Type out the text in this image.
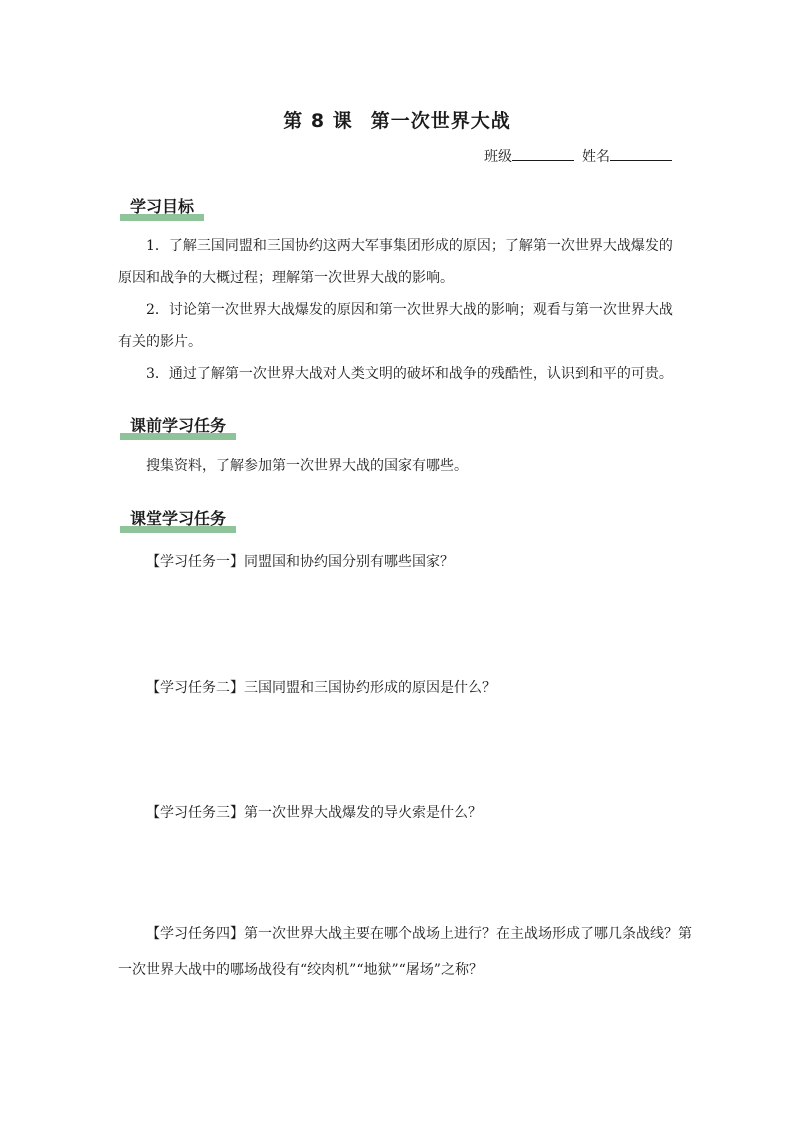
第 8 课 第一次世界大战
班级	姓名
学习目标

1．了解三国同盟和三国协约这两大军事集团形成的原因；了解第一次世界大战爆发的原因和战争的大概过程；理解第一次世界大战的影响。

2．讨论第一次世界大战爆发的原因和第一次世界大战的影响；观看与第一次世界大战有关的影片。

3．通过了解第一次世界大战对人类文明的破坏和战争的残酷性，认识到和平的可贵。

课前学习任务

搜集资料，了解参加第一次世界大战的国家有哪些。

课堂学习任务
【学习任务一】同盟国和协约国分别有哪些国家？
【学习任务二】三国同盟和三国协约形成的原因是什么？
【学习任务三】第一次世界大战爆发的导火索是什么？

【学习任务四】第一次世界大战主要在哪个战场上进行？在主战场形成了哪几条战线？第一次世界大战中的哪场战役有“绞肉机”“地狱”“屠场”之称？
